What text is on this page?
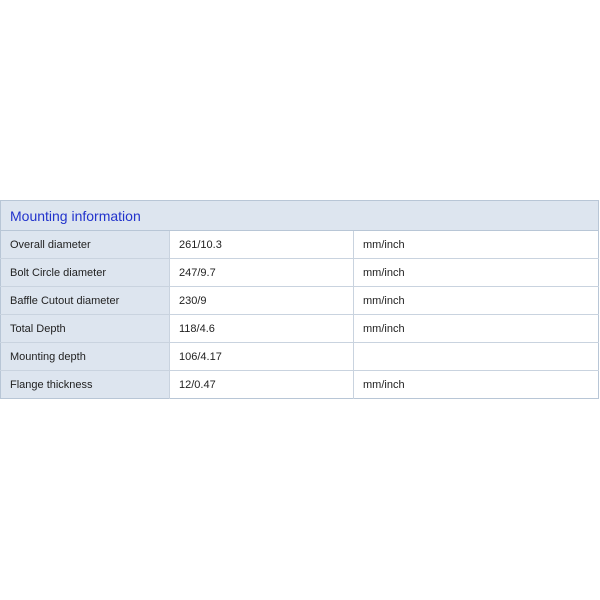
Mounting information		
Overall diameter	261/10.3	mm/inch
Bolt Circle diameter	247/9.7	mm/inch
Baffle Cutout diameter	230/9	mm/inch
Total Depth	118/4.6	mm/inch
Mounting depth	106/4.17	
Flange thickness	12/0.47	mm/inch
